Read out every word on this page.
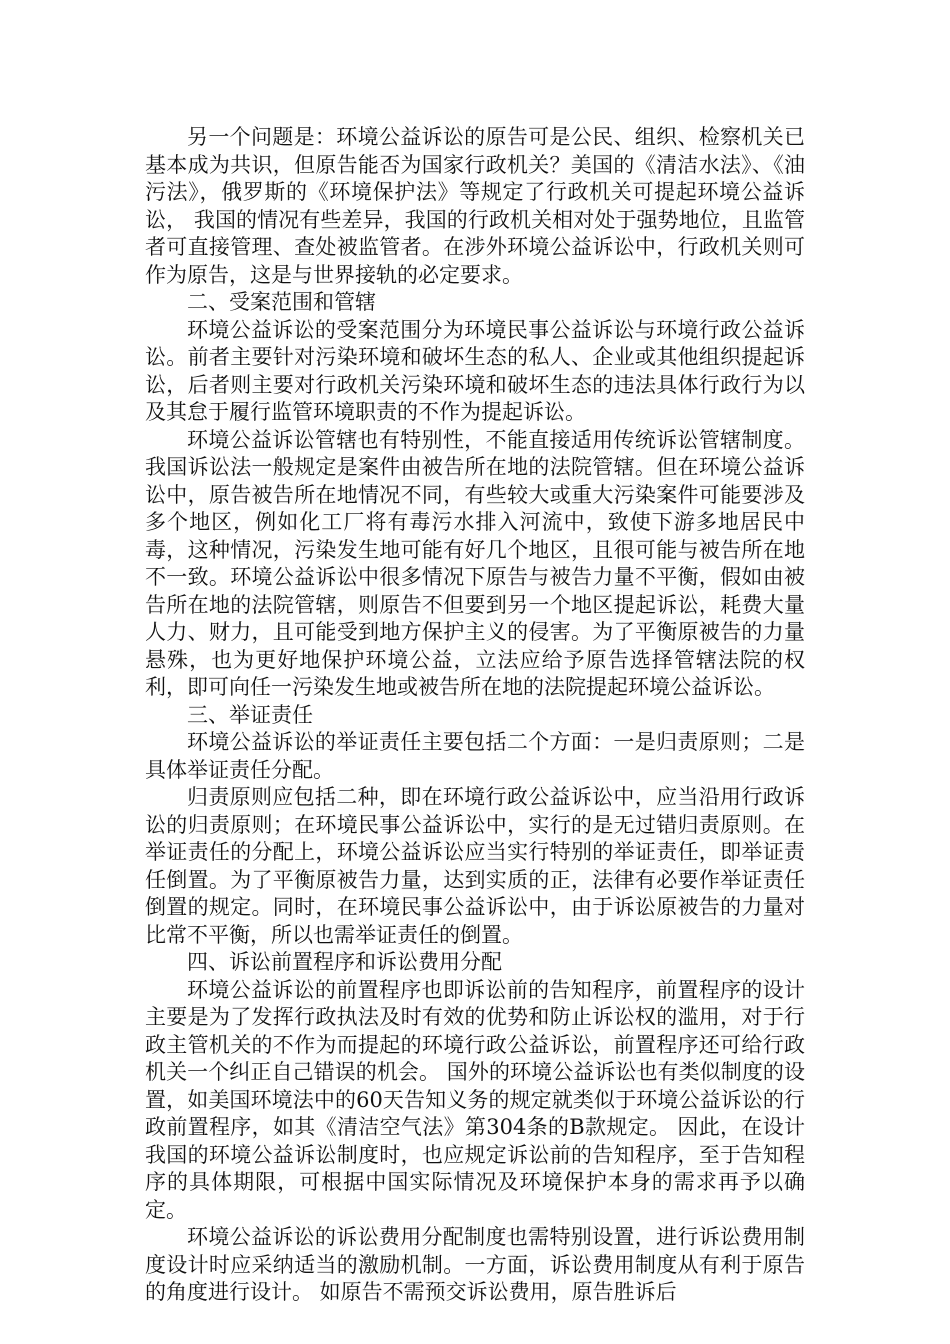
另一个问题是：环境公益诉讼的原告可是公民、组织、检察机关已基本成为共识，但原告能否为国家行政机关？美国的《清洁水法》、《油污法》，俄罗斯的《环境保护法》等规定了行政机关可提起环境公益诉讼， 我国的情况有些差异，我国的行政机关相对处于强势地位，且监管者可直接管理、查处被监管者。在涉外环境公益诉讼中，行政机关则可作为原告，这是与世界接轨的必定要求。

二、受案范围和管辖

环境公益诉讼的受案范围分为环境民事公益诉讼与环境行政公益诉讼。前者主要针对污染环境和破坏生态的私人、企业或其他组织提起诉讼，后者则主要对行政机关污染环境和破坏生态的违法具体行政行为以及其怠于履行监管环境职责的不作为提起诉讼。

环境公益诉讼管辖也有特别性，不能直接适用传统诉讼管辖制度。我国诉讼法一般规定是案件由被告所在地的法院管辖。但在环境公益诉讼中，原告被告所在地情况不同，有些较大或重大污染案件可能要涉及多个地区，例如化工厂将有毒污水排入河流中，致使下游多地居民中毒，这种情况，污染发生地可能有好几个地区，且很可能与被告所在地不一致。环境公益诉讼中很多情况下原告与被告力量不平衡，假如由被告所在地的法院管辖，则原告不但要到另一个地区提起诉讼，耗费大量人力、财力，且可能受到地方保护主义的侵害。为了平衡原被告的力量悬殊，也为更好地保护环境公益，立法应给予原告选择管辖法院的权利，即可向任一污染发生地或被告所在地的法院提起环境公益诉讼。

三、举证责任

环境公益诉讼的举证责任主要包括二个方面：一是归责原则；二是具体举证责任分配。

归责原则应包括二种，即在环境行政公益诉讼中，应当沿用行政诉讼的归责原则；在环境民事公益诉讼中，实行的是无过错归责原则。在举证责任的分配上，环境公益诉讼应当实行特别的举证责任，即举证责任倒置。为了平衡原被告力量，达到实质的正，法律有必要作举证责任倒置的规定。同时，在环境民事公益诉讼中，由于诉讼原被告的力量对比常不平衡，所以也需举证责任的倒置。

四、诉讼前置程序和诉讼费用分配

环境公益诉讼的前置程序也即诉讼前的告知程序，前置程序的设计主要是为了发挥行政执法及时有效的优势和防止诉讼权的滥用，对于行政主管机关的不作为而提起的环境行政公益诉讼，前置程序还可给行政机关一个纠正自己错误的机会。 国外的环境公益诉讼也有类似制度的设置，如美国环境法中的60天告知义务的规定就类似于环境公益诉讼的行政前置程序，如其《清洁空气法》第304条的B款规定。 因此，在设计我国的环境公益诉讼制度时，也应规定诉讼前的告知程序，至于告知程序的具体期限，可根据中国实际情况及环境保护本身的需求再予以确定。

环境公益诉讼的诉讼费用分配制度也需特别设置，进行诉讼费用制度设计时应采纳适当的激励机制。一方面，诉讼费用制度从有利于原告的角度进行设计。 如原告不需预交诉讼费用，原告胜诉后
